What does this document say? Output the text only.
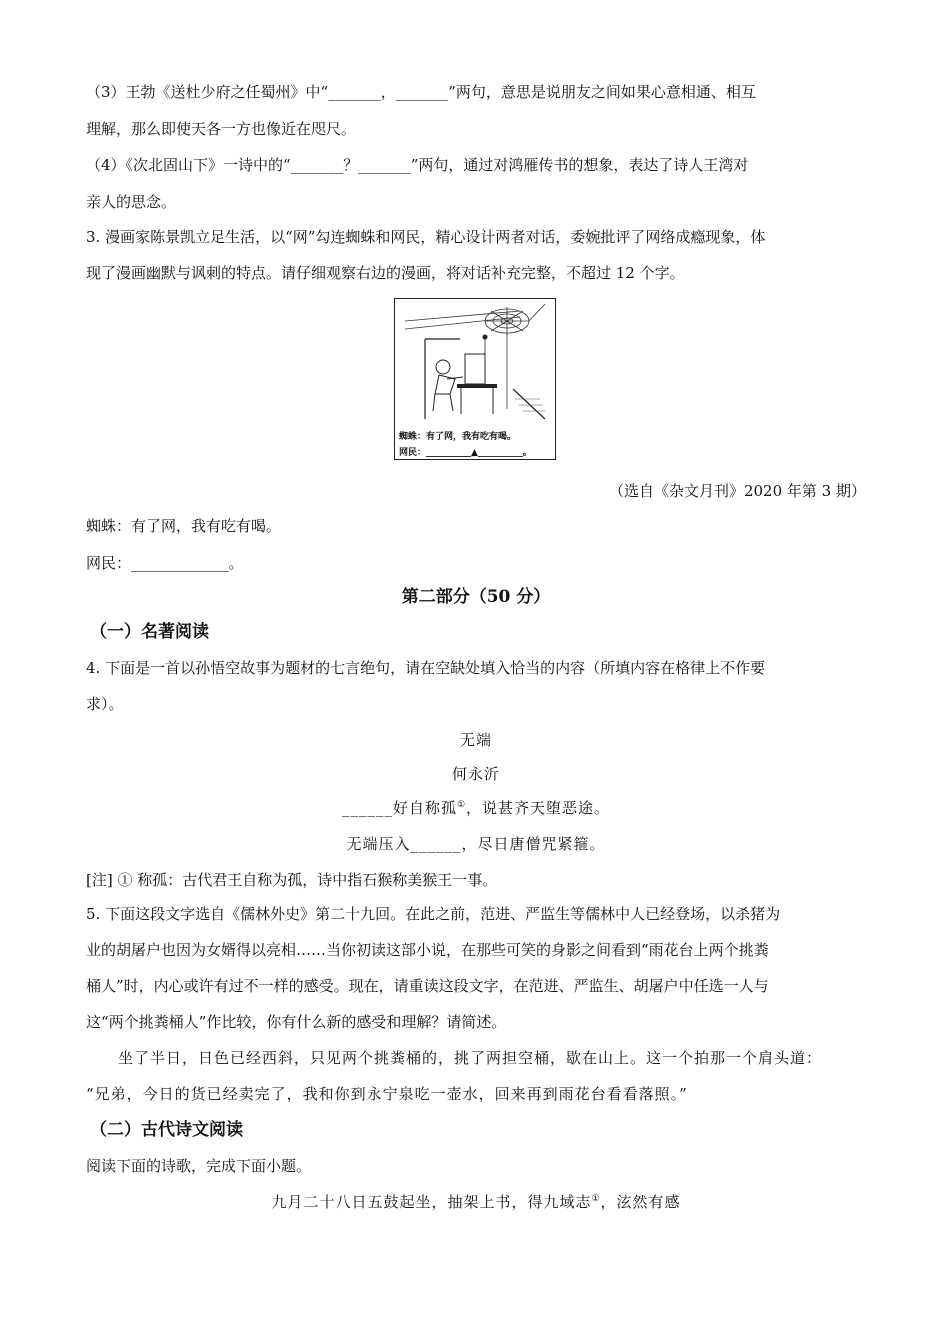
（3）王勃《送杜少府之任蜀州》中“_______，_______”两句，意思是说朋友之间如果心意相通、相互
理解，那么即使天各一方也像近在咫尺。
（4）《次北固山下》一诗中的“_______？_______”两句，通过对鸿雁传书的想象，表达了诗人王湾对
亲人的思念。
3. 漫画家陈景凯立足生活，以“网”勾连蜘蛛和网民，精心设计两者对话，委婉批评了网络成瘾现象，体
现了漫画幽默与讽刺的特点。请仔细观察右边的漫画，将对话补充完整，不超过 12 个字。
蜘蛛：有了网，我有吃有喝。
网民：__________▲__________。
（选自《杂文月刊》2020 年第 3 期）
蜘蛛：有了网，我有吃有喝。
网民：_____________。
第二部分（50 分）
（一）名著阅读
4. 下面是一首以孙悟空故事为题材的七言绝句，请在空缺处填入恰当的内容（所填内容在格律上不作要
求）。
无端
何永沂
______好自称孤①，说甚齐天堕恶途。
无端压入______，尽日唐僧咒紧箍。
[注] ① 称孤：古代君王自称为孤，诗中指石猴称美猴王一事。
5. 下面这段文字选自《儒林外史》第二十九回。在此之前，范进、严监生等儒林中人已经登场，以杀猪为
业的胡屠户也因为女婿得以亮相……当你初读这部小说，在那些可笑的身影之间看到“雨花台上两个挑粪
桶人”时，内心或许有过不一样的感受。现在，请重读这段文字，在范进、严监生、胡屠户中任选一人与
这“两个挑粪桶人”作比较，你有什么新的感受和理解？请简述。
坐了半日，日色已经西斜，只见两个挑粪桶的，挑了两担空桶，歇在山上。这一个拍那一个肩头道：
“兄弟，今日的货已经卖完了，我和你到永宁泉吃一壶水，回来再到雨花台看看落照。”
（二）古代诗文阅读
阅读下面的诗歌，完成下面小题。
九月二十八日五鼓起坐，抽架上书，得九域志①，泫然有感
